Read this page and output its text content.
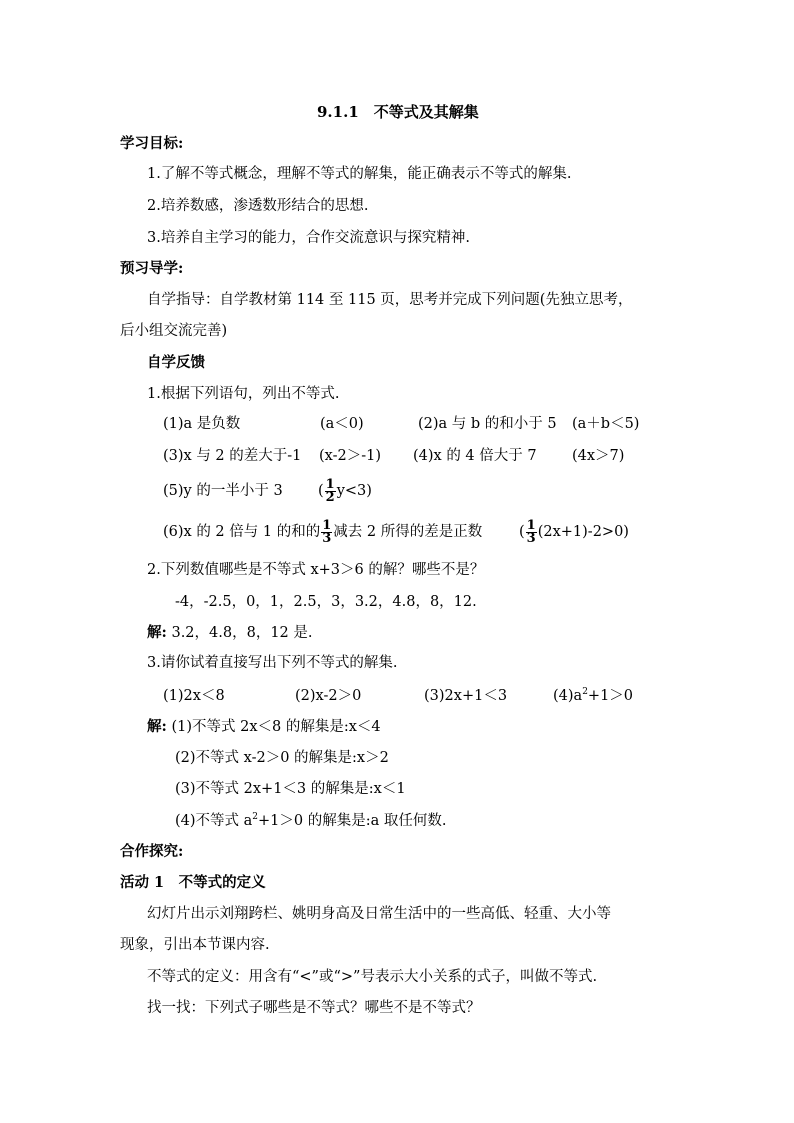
9.1.1　不等式及其解集
学习目标:
1.了解不等式概念，理解不等式的解集，能正确表示不等式的解集.
2.培养数感，渗透数形结合的思想.
3.培养自主学习的能力，合作交流意识与探究精神.
预习导学:
自学指导：自学教材第 114 至 115 页，思考并完成下列问题(先独立思考，
后小组交流完善)
自学反馈
1.根据下列语句，列出不等式.
(1)a 是负数	(a＜0)	(2)a 与 b 的和小于 5 (a＋b＜5)
(3)x 与 2 的差大于-1 (x-2＞-1) (4)x 的 4 倍大于 7 (4x＞7)
(5)y 的一半小于 3 ( $\frac{1}{2} y<3$)
(6)x 的 2 倍与 1 的和的 $\frac{1}{3}$ 减去 2 所得的差是正数	( $\frac{1}{3} (2x+1)-2>0$)
2.下列数值哪些是不等式 x+3＞6 的解？哪些不是？
-4，-2.5，0，1，2.5，3，3.2，4.8，8，12.
解: 3.2，4.8，8，12 是.
3.请你试着直接写出下列不等式的解集.
(1)2x＜8	(2)x-2＞0	(3)2x+1＜3	$(4)a^2+1>0$
解: (1)不等式 2x＜8 的解集是:x＜4
(2)不等式 x-2＞0 的解集是:x＞2
(3)不等式 2x+1＜3 的解集是:x＜1
(4)不等式 $a^2+1>0$ 的解集是:a 取任何数.
合作探究:
活动 1　不等式的定义
幻灯片出示刘翔跨栏、姚明身高及日常生活中的一些高低、轻重、大小等
现象，引出本节课内容.
不等式的定义：用含有“<”或“>”号表示大小关系的式子，叫做不等式.
找一找：下列式子哪些是不等式？哪些不是不等式？
